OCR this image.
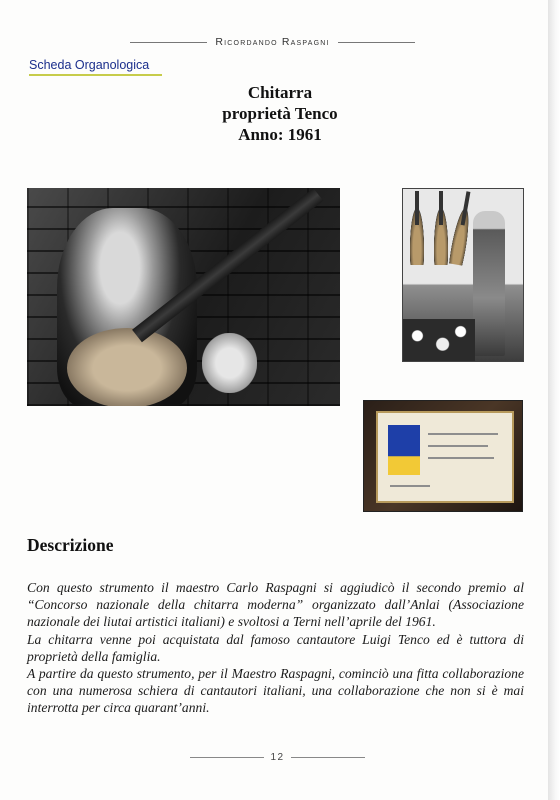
Ricordando Raspagni
Scheda Organologica
Chitarra
proprietà Tenco
Anno: 1961
Descrizione

Con questo strumento il maestro Carlo Raspagni si aggiudicò il secondo premio al “Concorso nazionale della chitarra moderna” organizzato dall’Anlai (Associazione nazionale dei liutai artistici italiani) e svoltosi a Terni nell’aprile del 1961.

La chitarra venne poi acquistata dal famoso cantautore Luigi Tenco ed è tuttora di proprietà della famiglia.

A partire da questo strumento, per il Maestro Raspagni, cominciò una fitta collaborazione con una numerosa schiera di cantautori italiani, una collaborazione che non si è mai interrotta per circa quarant’anni.

12
